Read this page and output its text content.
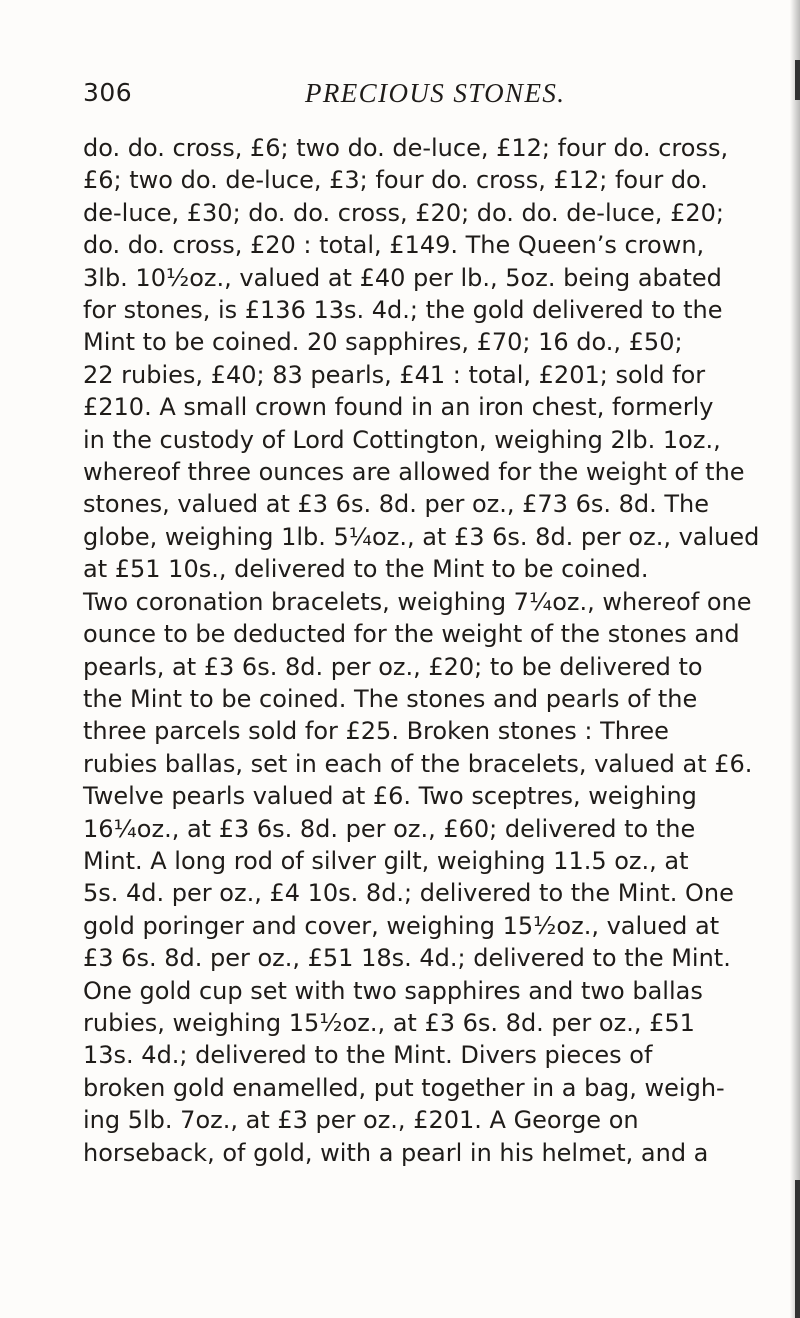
306	PRECIOUS STONES.
do. do. cross, £6; two do. de-luce, £12; four do. cross,
£6; two do. de-luce, £3; four do. cross, £12; four do.
de-luce, £30; do. do. cross, £20; do. do. de-luce, £20;
do. do. cross, £20 : total, £149. The Queen’s crown,
3lb. 10½oz., valued at £40 per lb., 5oz. being abated
for stones, is £136 13s. 4d.; the gold delivered to the
Mint to be coined. 20 sapphires, £70; 16 do., £50;
22 rubies, £40; 83 pearls, £41 : total, £201; sold for
£210. A small crown found in an iron chest, formerly
in the custody of Lord Cottington, weighing 2lb. 1oz.,
whereof three ounces are allowed for the weight of the
stones, valued at £3 6s. 8d. per oz., £73 6s. 8d. The
globe, weighing 1lb. 5¼oz., at £3 6s. 8d. per oz., valued
at £51 10s., delivered to the Mint to be coined.
Two coronation bracelets, weighing 7¼oz., whereof one
ounce to be deducted for the weight of the stones and
pearls, at £3 6s. 8d. per oz., £20; to be delivered to
the Mint to be coined. The stones and pearls of the
three parcels sold for £25. Broken stones : Three
rubies ballas, set in each of the bracelets, valued at £6.
Twelve pearls valued at £6. Two sceptres, weighing
16¼oz., at £3 6s. 8d. per oz., £60; delivered to the
Mint. A long rod of silver gilt, weighing 11.5 oz., at
5s. 4d. per oz., £4 10s. 8d.; delivered to the Mint. One
gold poringer and cover, weighing 15½oz., valued at
£3 6s. 8d. per oz., £51 18s. 4d.; delivered to the Mint.
One gold cup set with two sapphires and two ballas
rubies, weighing 15½oz., at £3 6s. 8d. per oz., £51
13s. 4d.; delivered to the Mint. Divers pieces of
broken gold enamelled, put together in a bag, weigh-
ing 5lb. 7oz., at £3 per oz., £201. A George on
horseback, of gold, with a pearl in his helmet, and a
